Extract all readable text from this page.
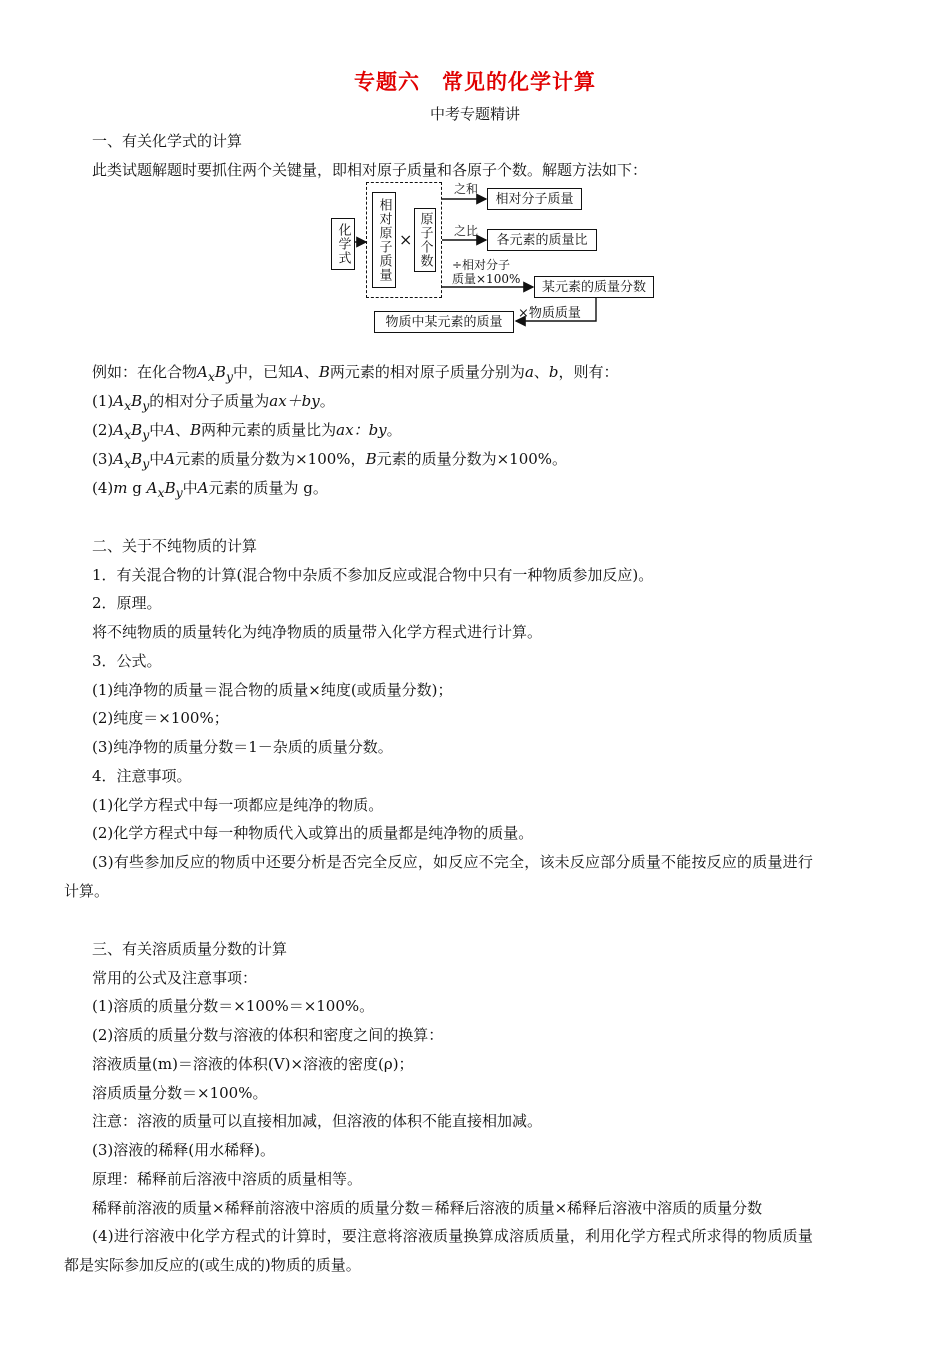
专题六　常见的化学计算
中考专题精讲
一、有关化学式的计算
此类试题解题时要抓住两个关键量，即相对原子质量和各原子个数。解题方法如下：
化学式	相对原子质量 × 原子个数
之和
相对分子质量
之比
各元素的质量比
÷相对分子
质量×100%
某元素的质量分数
×物质质量
物质中某元素的质量
例如：在化合物$A_xB_y$中，已知A、B两元素的相对原子质量分别为a、b，则有：
$(1)A_xB_y$的相对分子质量为ax＋by。
$(2)A_xB_y$中A、B两种元素的质量比为ax：by。
$(3)A_xB_y$中A元素的质量分数为×100%，B元素的质量分数为×100%。
(4)m g $A_xB_y$中A元素的质量为 g。
二、关于不纯物质的计算
1．有关混合物的计算(混合物中杂质不参加反应或混合物中只有一种物质参加反应)。
2．原理。
将不纯物质的质量转化为纯净物质的质量带入化学方程式进行计算。
3．公式。
(1)纯净物的质量＝混合物的质量×纯度(或质量分数)；
(2)纯度＝×100%；
(3)纯净物的质量分数＝1－杂质的质量分数。
4．注意事项。
(1)化学方程式中每一项都应是纯净的物质。
(2)化学方程式中每一种物质代入或算出的质量都是纯净物的质量。
(3)有些参加反应的物质中还要分析是否完全反应，如反应不完全，该未反应部分质量不能按反应的质量进行
计算。
三、有关溶质质量分数的计算
常用的公式及注意事项：
(1)溶质的质量分数＝×100%＝×100%。
(2)溶质的质量分数与溶液的体积和密度之间的换算：
溶液质量(m)＝溶液的体积(V)×溶液的密度(ρ)；
溶质质量分数＝×100%。
注意：溶液的质量可以直接相加减，但溶液的体积不能直接相加减。
(3)溶液的稀释(用水稀释)。
原理：稀释前后溶液中溶质的质量相等。
稀释前溶液的质量×稀释前溶液中溶质的质量分数＝稀释后溶液的质量×稀释后溶液中溶质的质量分数
(4)进行溶液中化学方程式的计算时，要注意将溶液质量换算成溶质质量，利用化学方程式所求得的物质质量
都是实际参加反应的(或生成的)物质的质量。
